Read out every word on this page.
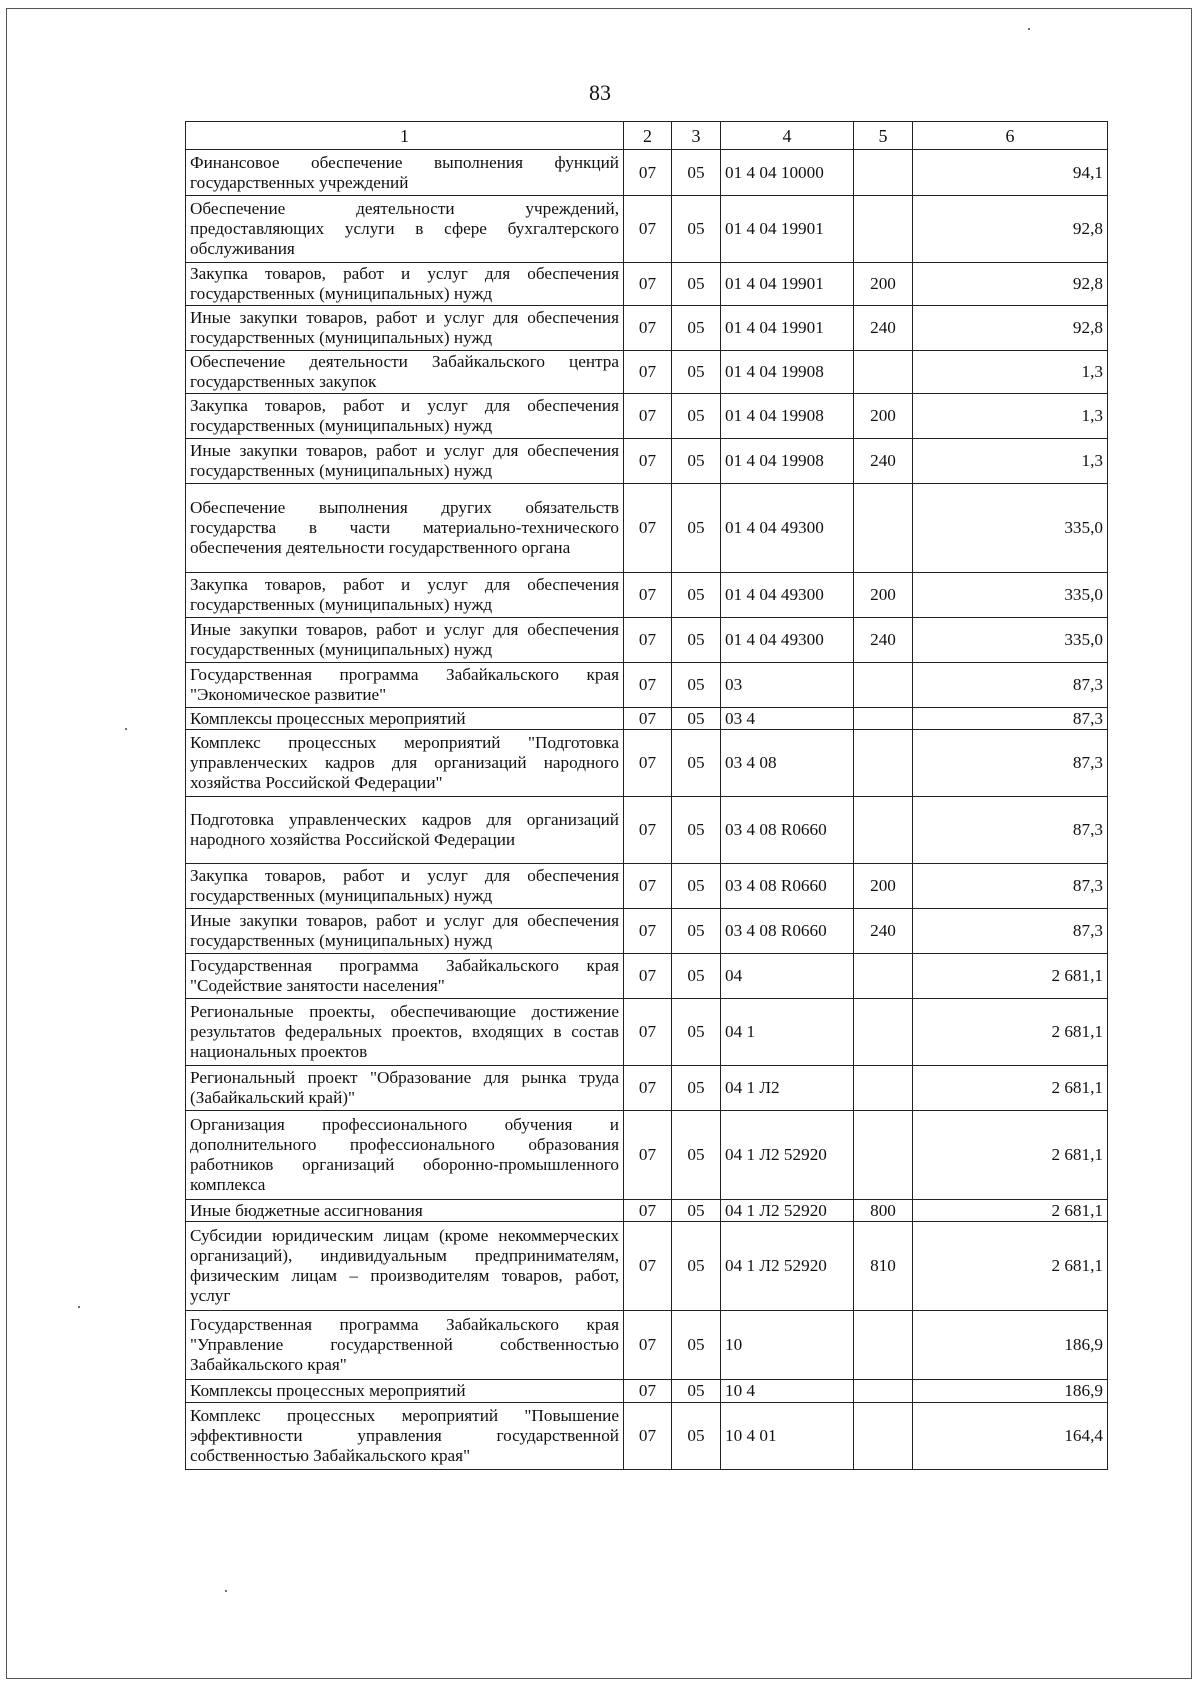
83
1	2	3	4	5	6
Финансовое обеспечение выполнения функций государственных учреждений	07	05	01 4 04 10000		94,1
Обеспечение деятельности учреждений, предоставляющих услуги в сфере бухгалтерского обслуживания	07	05	01 4 04 19901		92,8
Закупка товаров, работ и услуг для обеспечения государственных (муниципальных) нужд	07	05	01 4 04 19901	200	92,8
Иные закупки товаров, работ и услуг для обеспечения государственных (муниципальных) нужд	07	05	01 4 04 19901	240	92,8
Обеспечение деятельности Забайкальского центра государственных закупок	07	05	01 4 04 19908		1,3
Закупка товаров, работ и услуг для обеспечения государственных (муниципальных) нужд	07	05	01 4 04 19908	200	1,3
Иные закупки товаров, работ и услуг для обеспечения государственных (муниципальных) нужд	07	05	01 4 04 19908	240	1,3
Обеспечение выполнения других обязательств государства в части материально-технического обеспечения деятельности государственного органа	07	05	01 4 04 49300		335,0
Закупка товаров, работ и услуг для обеспечения государственных (муниципальных) нужд	07	05	01 4 04 49300	200	335,0
Иные закупки товаров, работ и услуг для обеспечения государственных (муниципальных) нужд	07	05	01 4 04 49300	240	335,0
Государственная программа Забайкальского края "Экономическое развитие"	07	05	03		87,3
Комплексы процессных мероприятий	07	05	03 4		87,3
Комплекс процессных мероприятий "Подготовка управленческих кадров для организаций народного хозяйства Российской Федерации"	07	05	03 4 08		87,3
Подготовка управленческих кадров для организаций народного хозяйства Российской Федерации	07	05	03 4 08 R0660		87,3
Закупка товаров, работ и услуг для обеспечения государственных (муниципальных) нужд	07	05	03 4 08 R0660	200	87,3
Иные закупки товаров, работ и услуг для обеспечения государственных (муниципальных) нужд	07	05	03 4 08 R0660	240	87,3
Государственная программа Забайкальского края "Содействие занятости населения"	07	05	04		2 681,1
Региональные проекты, обеспечивающие достижение результатов федеральных проектов, входящих в состав национальных проектов	07	05	04 1		2 681,1
Региональный проект "Образование для рынка труда (Забайкальский край)"	07	05	04 1 Л2		2 681,1
Организация профессионального обучения и дополнительного профессионального образования работников организаций оборонно-промышленного комплекса	07	05	04 1 Л2 52920		2 681,1
Иные бюджетные ассигнования	07	05	04 1 Л2 52920	800	2 681,1
Субсидии юридическим лицам (кроме некоммерческих организаций), индивидуальным предпринимателям, физическим лицам – производителям товаров, работ, услуг	07	05	04 1 Л2 52920	810	2 681,1
Государственная программа Забайкальского края "Управление государственной собственностью Забайкальского края"	07	05	10		186,9
Комплексы процессных мероприятий	07	05	10 4		186,9
Комплекс процессных мероприятий "Повышение эффективности управления государственной собственностью Забайкальского края"	07	05	10 4 01		164,4
